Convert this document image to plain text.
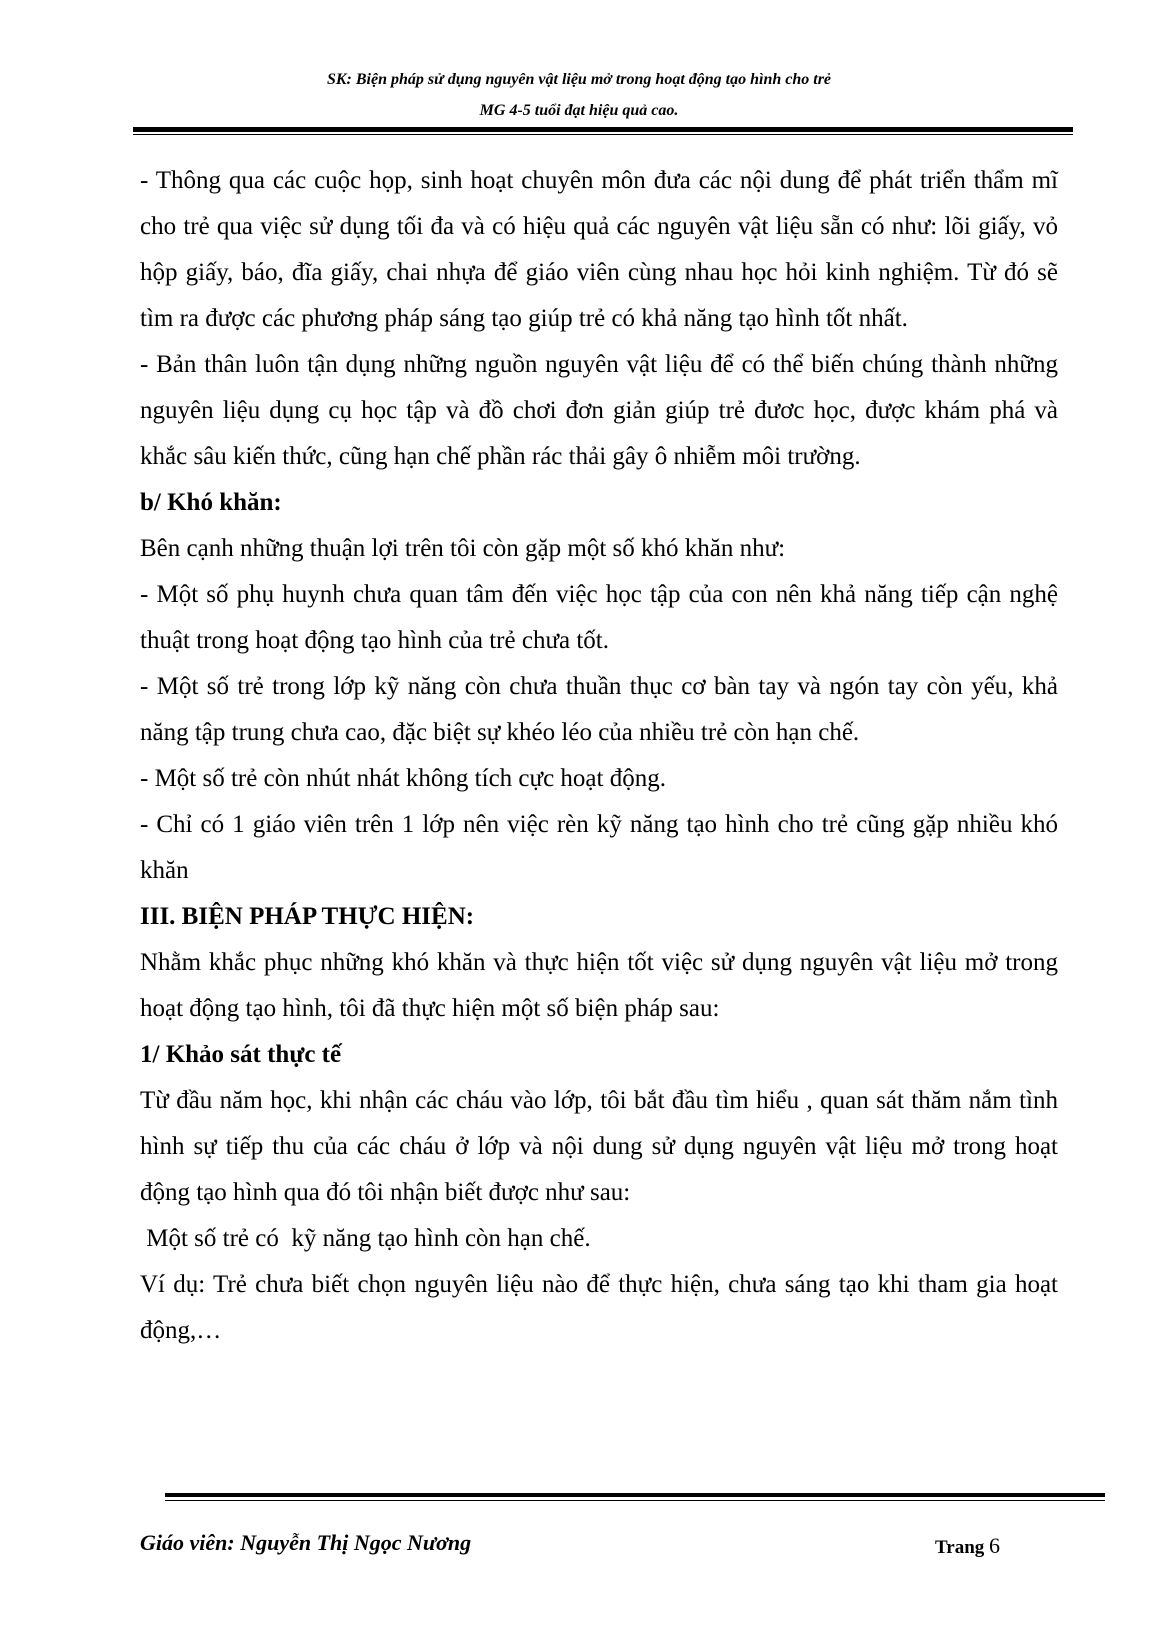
SK: Biện pháp sử dụng nguyên vật liệu mở trong hoạt động tạo hình cho trẻ
MG 4-5 tuổi đạt hiệu quả cao.

- Thông qua các cuộc họp, sinh hoạt chuyên môn đưa các nội dung để phát triển thẩm mĩ cho trẻ qua việc sử dụng tối đa và có hiệu quả các nguyên vật liệu sẵn có như: lõi giấy, vỏ hộp giấy, báo, đĩa giấy, chai nhựa để giáo viên cùng nhau học hỏi kinh nghiệm. Từ đó sẽ tìm ra được các phương pháp sáng tạo giúp trẻ có khả năng tạo hình tốt nhất.

- Bản thân luôn tận dụng những nguồn nguyên vật liệu để có thể biến chúng thành những nguyên liệu dụng cụ học tập và đồ chơi đơn giản giúp trẻ đươc học, được khám phá và khắc sâu kiến thức, cũng hạn chế phần rác thải gây ô nhiễm môi trường.

b/ Khó khăn:

Bên cạnh những thuận lợi trên tôi còn gặp một số khó khăn như:

- Một số phụ huynh chưa quan tâm đến việc học tập của con nên khả năng tiếp cận nghệ thuật trong hoạt động tạo hình của trẻ chưa tốt.

- Một số trẻ trong lớp kỹ năng còn chưa thuần thục cơ bàn tay và ngón tay còn yếu, khả năng tập trung chưa cao, đặc biệt sự khéo léo của nhiều trẻ còn hạn chế.

- Một số trẻ còn nhút nhát không tích cực hoạt động.

- Chỉ có 1 giáo viên trên 1 lớp nên việc rèn kỹ năng tạo hình cho trẻ cũng gặp nhiều khó khăn

III. BIỆN PHÁP THỰC HIỆN:

Nhằm khắc phục những khó khăn và thực hiện tốt việc sử dụng nguyên vật liệu mở trong hoạt động tạo hình, tôi đã thực hiện một số biện pháp sau:

1/ Khảo sát thực tế

Từ đầu năm học, khi nhận các cháu vào lớp, tôi bắt đầu tìm hiểu , quan sát thăm nắm tình hình sự tiếp thu của các cháu ở lớp và nội dung sử dụng nguyên vật liệu mở trong hoạt động tạo hình qua đó tôi nhận biết được như sau:

Một số trẻ có  kỹ năng tạo hình còn hạn chế.

Ví dụ: Trẻ chưa biết chọn nguyên liệu nào để thực hiện, chưa sáng tạo khi tham gia hoạt động,…

Giáo viên: Nguyễn Thị Ngọc Nương	Trang 6
